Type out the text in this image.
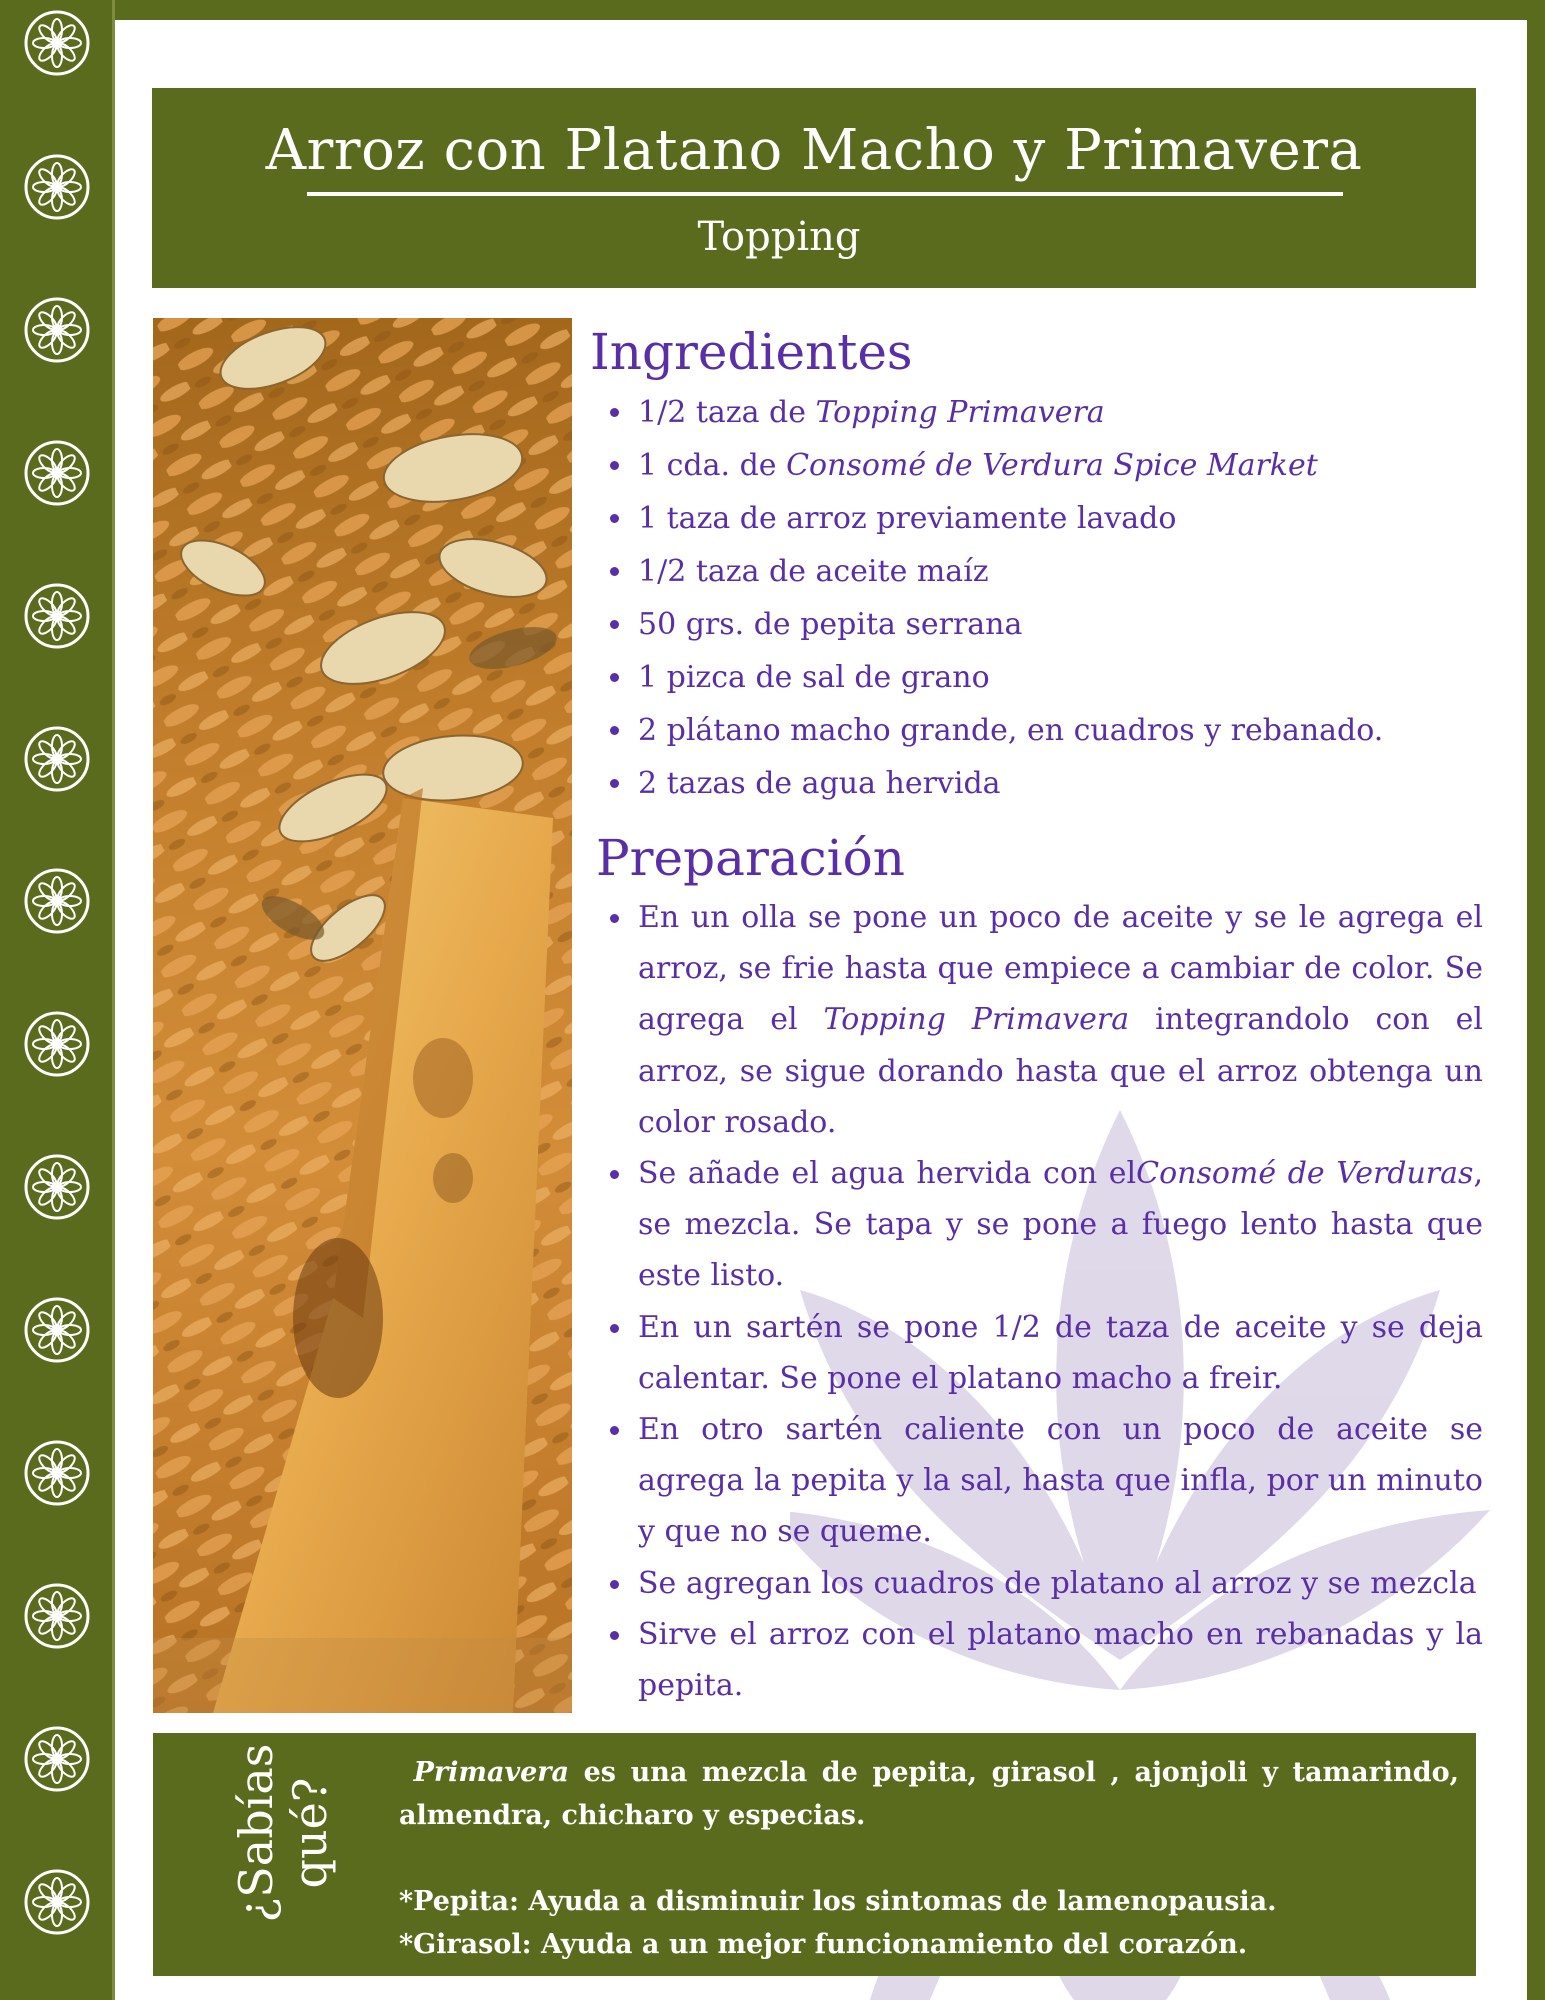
Arroz con Platano Macho y Primavera
Topping
Ingredientes
1/2 taza de Topping Primavera
1 cda. de Consomé de Verdura Spice Market
1 taza de arroz previamente lavado
1/2 taza de aceite maíz
50 grs. de pepita serrana
1 pizca de sal de grano
2 plátano macho grande, en cuadros y rebanado.
2 tazas de agua hervida
Preparación
En un olla se pone un poco de aceite y se le agrega el arroz, se frie hasta que empiece a cambiar de color. Se agrega el Topping Primavera integrandolo con el arroz, se sigue dorando hasta que el arroz obtenga un color rosado.
Se añade el agua hervida con elConsomé de Verduras, se mezcla. Se tapa y se pone a fuego lento hasta que este listo.
En un sartén se pone 1/2 de taza de aceite y se deja calentar. Se pone el platano macho a freir.
En otro sartén caliente con un poco de aceite se agrega la pepita y la sal, hasta que infla, por un minuto y que no se queme.
Se agregan los cuadros de platano al arroz y se mezcla
Sirve el arroz con el platano macho en rebanadas y la pepita.
¿Sabías qué?
Primavera es una mezcla de pepita, girasol , ajonjoli y tamarindo, almendra, chicharo y especias.
*Pepita: Ayuda a disminuir los sintomas de lamenopausia.
*Girasol: Ayuda a un mejor funcionamiento del corazón.
